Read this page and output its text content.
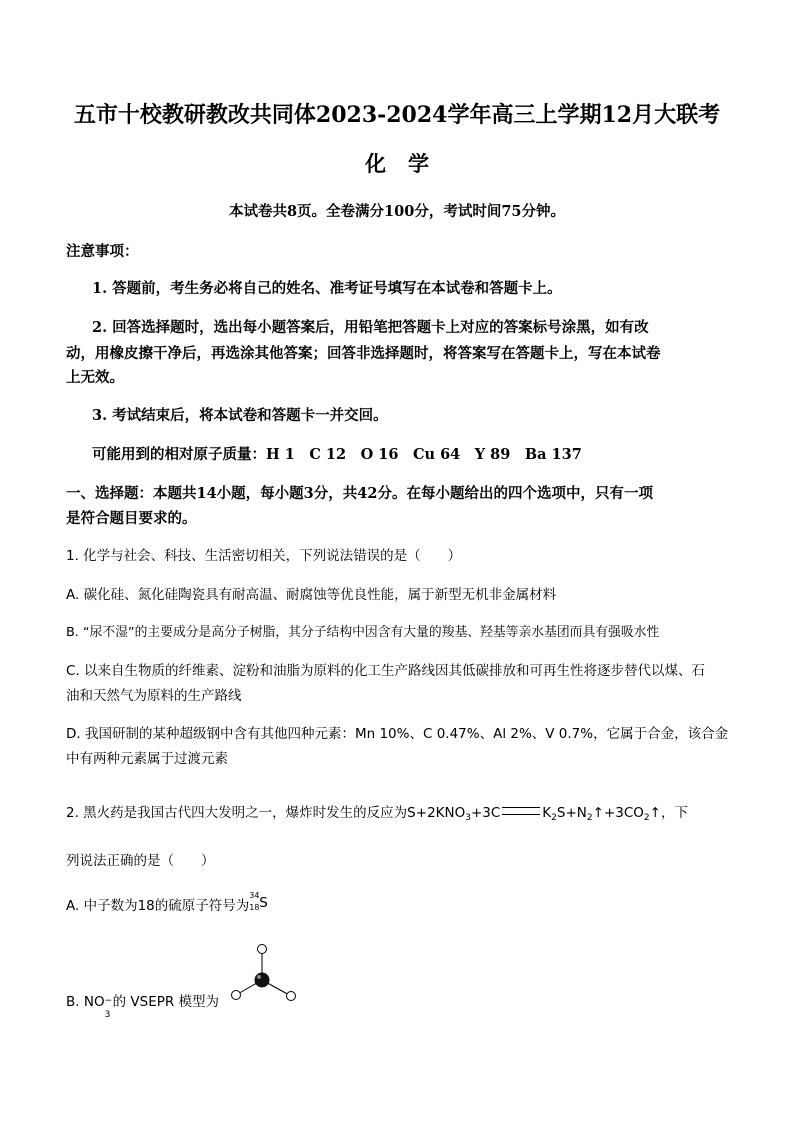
五市十校教研教改共同体2023-2024学年高三上学期12月大联考
化学
本试卷共8页。全卷满分100分，考试时间75分钟。
注意事项：
1. 答题前，考生务必将自己的姓名、准考证号填写在本试卷和答题卡上。
2. 回答选择题时，选出每小题答案后，用铅笔把答题卡上对应的答案标号涂黑，如有改
动，用橡皮擦干净后，再选涂其他答案；回答非选择题时，将答案写在答题卡上，写在本试卷
上无效。
3. 考试结束后，将本试卷和答题卡一并交回。
可能用到的相对原子质量：H 1　C 12　O 16　Cu 64　Y 89　Ba 137
一、选择题：本题共14小题，每小题3分，共42分。在每小题给出的四个选项中，只有一项
是符合题目要求的。
1. 化学与社会、科技、生活密切相关，下列说法错误的是（　　）
A. 碳化硅、氮化硅陶瓷具有耐高温、耐腐蚀等优良性能，属于新型无机非金属材料
B. “尿不湿”的主要成分是高分子树脂，其分子结构中因含有大量的羧基、羟基等亲水基团而具有强吸水性
C. 以来自生物质的纤维素、淀粉和油脂为原料的化工生产路线因其低碳排放和可再生性将逐步替代以煤、石
油和天然气为原料的生产路线
D. 我国研制的某种超级钢中含有其他四种元素：Mn 10%、C 0.47%、Al 2%、V 0.7%，它属于合金，该合金
中有两种元素属于过渡元素
2. 黑火药是我国古代四大发明之一，爆炸时发生的反应为$S+2KNO_3+3C$	$K_2S+N_2↑+3CO_2↑$，下
列说法正确的是（　　）
A. 中子数为18的硫原子符号为
34
18 S
B. NO −
3
的 VSEPR 模型为
